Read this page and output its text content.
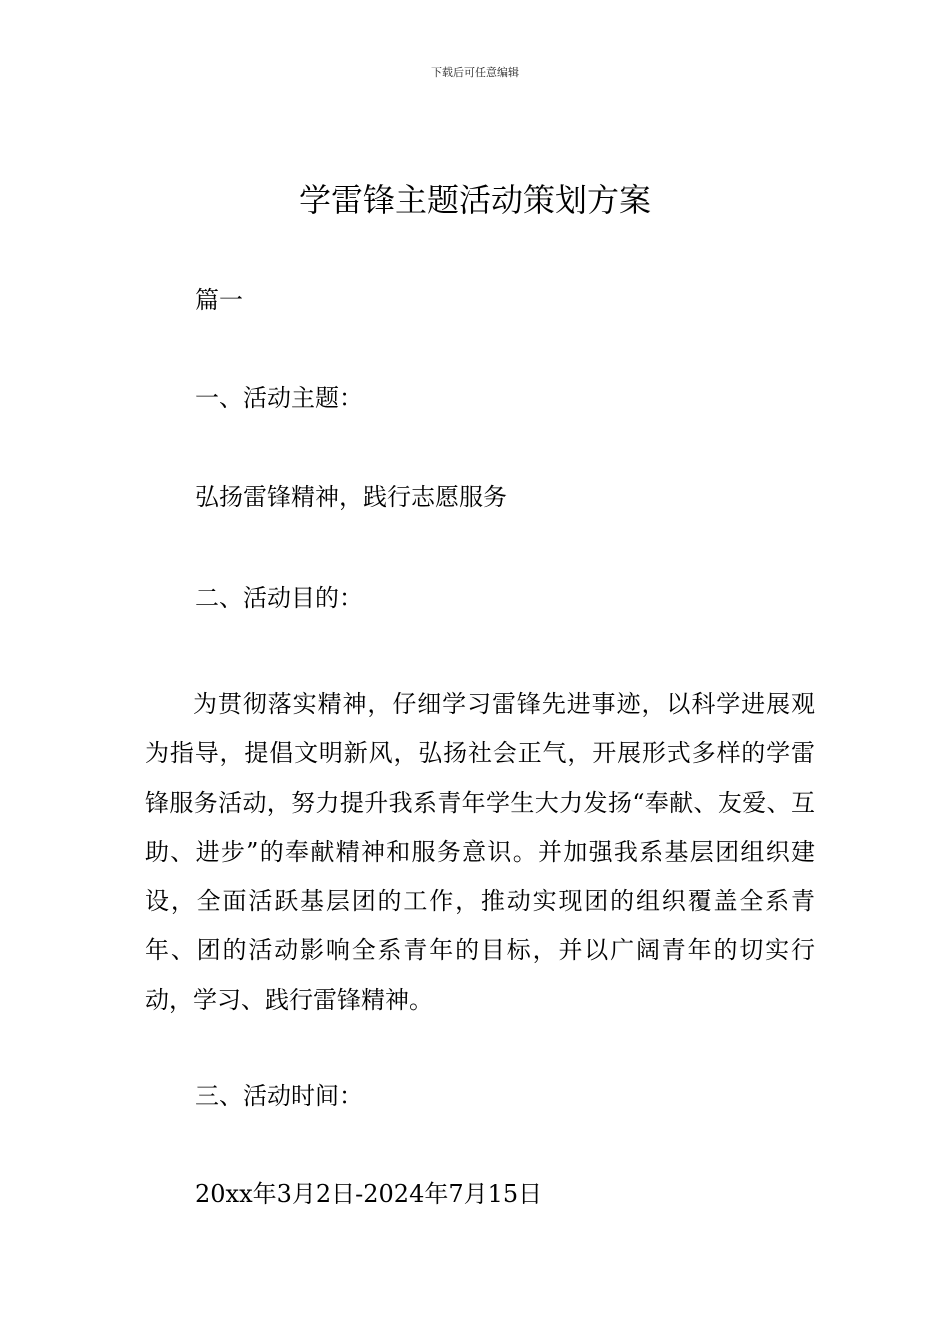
下载后可任意编辑
学雷锋主题活动策划方案
篇一
一、活动主题：
弘扬雷锋精神，践行志愿服务
二、活动目的：
为贯彻落实精神，仔细学习雷锋先进事迹，以科学进展观为指导，提倡文明新风，弘扬社会正气，开展形式多样的学雷锋服务活动，努力提升我系青年学生大力发扬“奉献、友爱、互助、进步”的奉献精神和服务意识。并加强我系基层团组织建设，全面活跃基层团的工作，推动实现团的组织覆盖全系青年、团的活动影响全系青年的目标，并以广阔青年的切实行动，学习、践行雷锋精神。
三、活动时间：
20xx年3月2日-2024年7月15日
